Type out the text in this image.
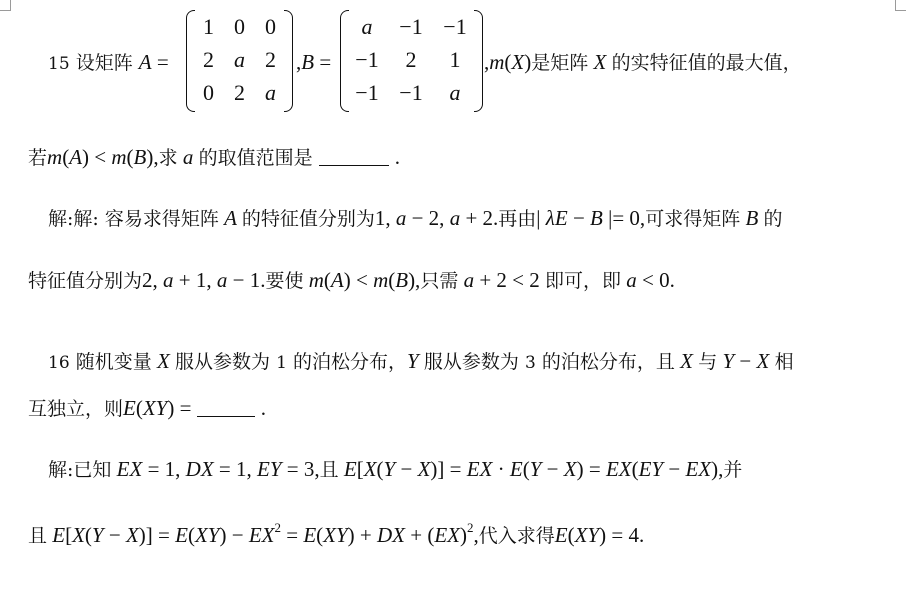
15 设矩阵 A =
1 0 0
2 a 2
0 2 a
,B =
a	−1 −1
−1	2	1
−1 −1	a
,m(X)是矩阵 X 的实特征值的最大值，
若m(A) < m(B),求 a 的取值范围是	.
解:解: 容易求得矩阵 A 的特征值分别为1, a − 2, a + 2.再由| λE − B |= 0,可求得矩阵 B 的
特征值分别为2, a + 1, a − 1.要使 m(A) < m(B),只需 a + 2 < 2 即可，即 a < 0.
16 随机变量 X 服从参数为 1 的泊松分布，Y 服从参数为 3 的泊松分布，且 X 与 Y − X 相
互独立，则E(XY) =	.
解:已知 EX = 1, DX = 1, EY = 3,且 E[X(Y − X)] = EX · E(Y − X) = EX(EY − EX),并
且 $E[X(Y - X)] = E(XY) - EX^2 = E(XY)$ + DX + (EX)$^2$,代入求得E(XY) = 4.
